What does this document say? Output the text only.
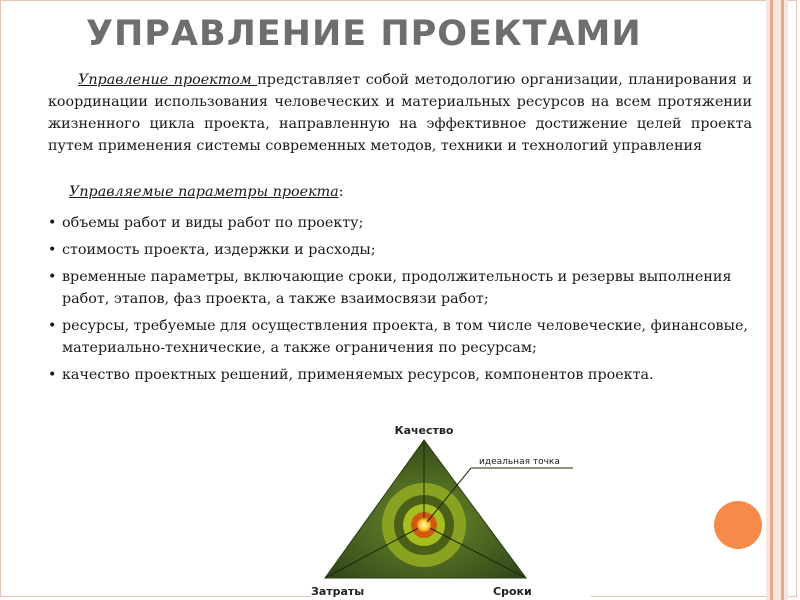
УПРАВЛЕНИЕ ПРОЕКТАМИ

Управление проектом представляет собой методологию организации, планирования и координации использования человеческих и материальных ресурсов на всем протяжении жизненного цикла проекта, направленную на эффективное достижение целей проекта путем применения системы современных методов, техники и технологий управления

Управляемые параметры проекта:
• объемы работ и виды работ по проекту;
• стоимость проекта, издержки и расходы;
• временные параметры, включающие сроки, продолжительность и резервы выполнения работ, этапов, фаз проекта, а также взаимосвязи работ;
• ресурсы, требуемые для осуществления проекта, в том числе человеческие, финансовые, материально-технические, а также ограничения по ресурсам;
• качество проектных решений, применяемых ресурсов, компонентов проекта.
Качество
идеальная точка
Затраты	Сроки
